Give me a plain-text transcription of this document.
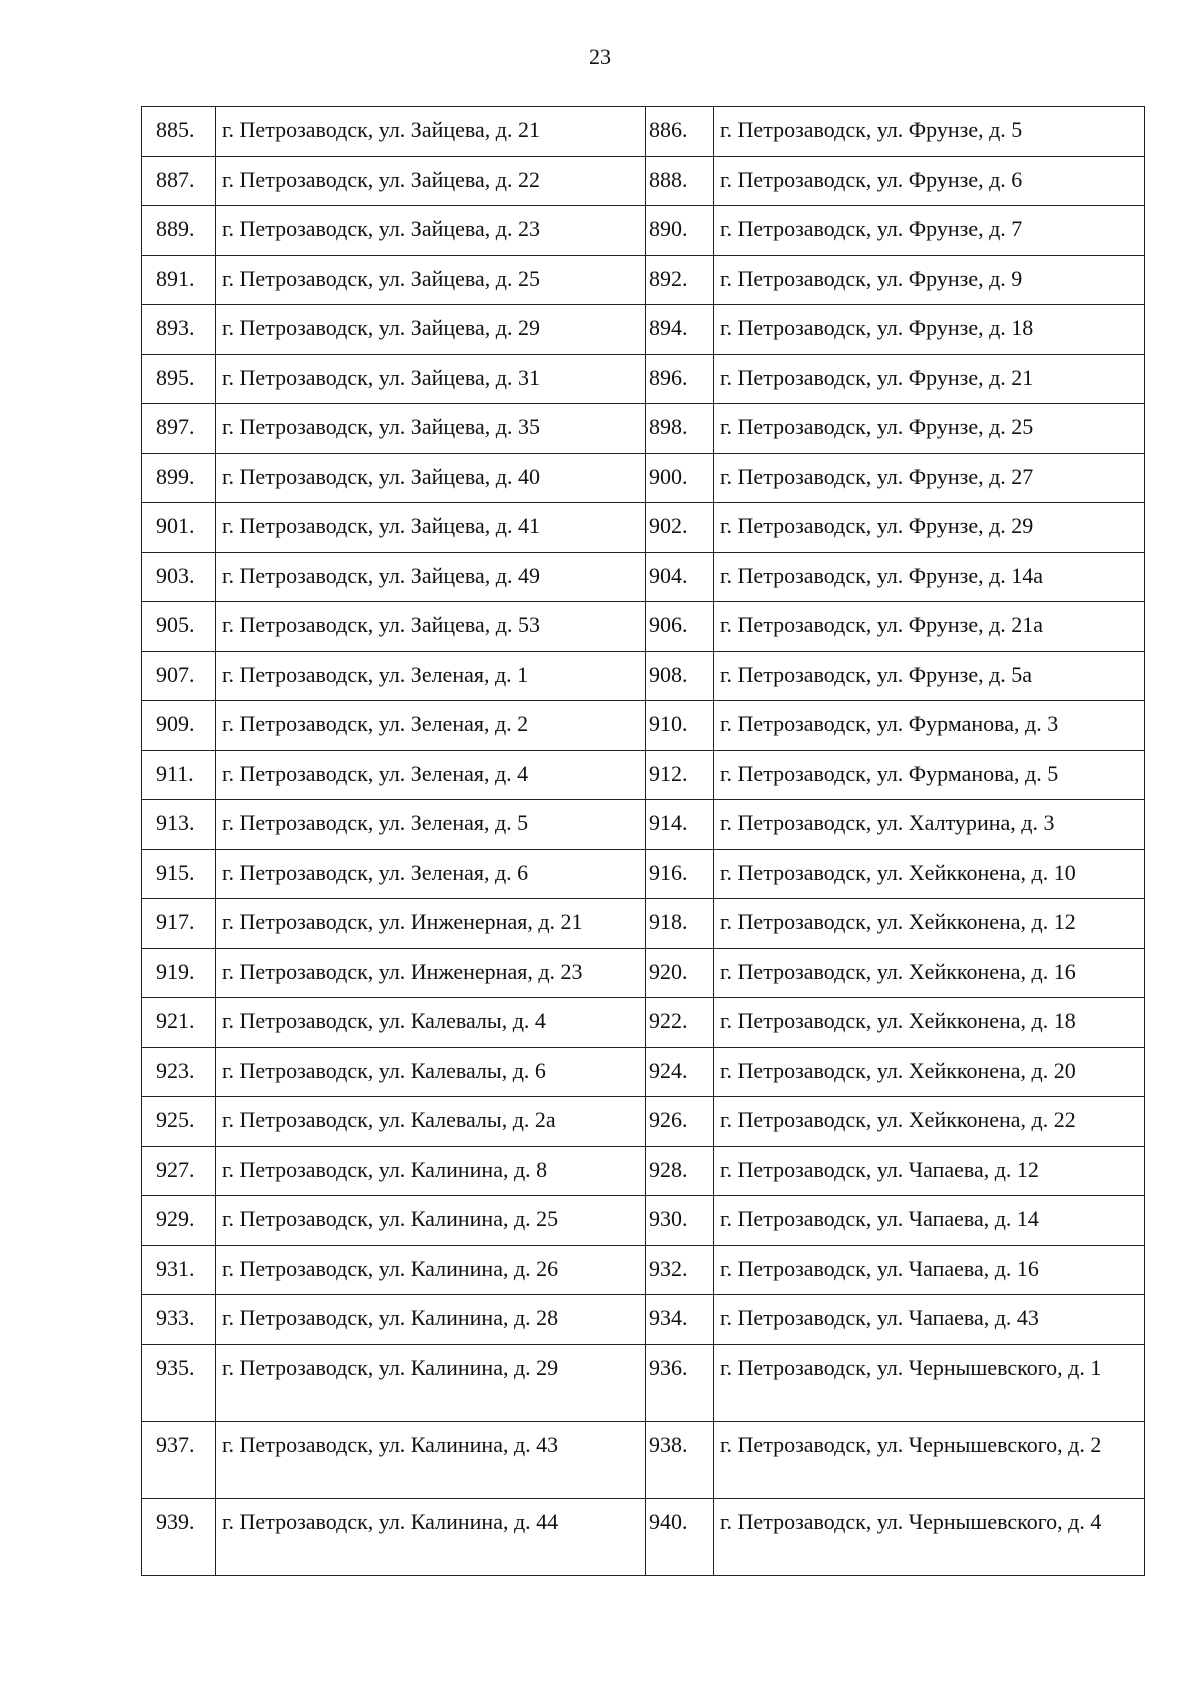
23
885.	г. Петрозаводск, ул. Зайцева, д. 21	886.	г. Петрозаводск, ул. Фрунзе, д. 5
887.	г. Петрозаводск, ул. Зайцева, д. 22	888.	г. Петрозаводск, ул. Фрунзе, д. 6
889.	г. Петрозаводск, ул. Зайцева, д. 23	890.	г. Петрозаводск, ул. Фрунзе, д. 7
891.	г. Петрозаводск, ул. Зайцева, д. 25	892.	г. Петрозаводск, ул. Фрунзе, д. 9
893.	г. Петрозаводск, ул. Зайцева, д. 29	894.	г. Петрозаводск, ул. Фрунзе, д. 18
895.	г. Петрозаводск, ул. Зайцева, д. 31	896.	г. Петрозаводск, ул. Фрунзе, д. 21
897.	г. Петрозаводск, ул. Зайцева, д. 35	898.	г. Петрозаводск, ул. Фрунзе, д. 25
899.	г. Петрозаводск, ул. Зайцева, д. 40	900.	г. Петрозаводск, ул. Фрунзе, д. 27
901.	г. Петрозаводск, ул. Зайцева, д. 41	902.	г. Петрозаводск, ул. Фрунзе, д. 29
903.	г. Петрозаводск, ул. Зайцева, д. 49	904.	г. Петрозаводск, ул. Фрунзе, д. 14а
905.	г. Петрозаводск, ул. Зайцева, д. 53	906.	г. Петрозаводск, ул. Фрунзе, д. 21а
907.	г. Петрозаводск, ул. Зеленая, д. 1	908.	г. Петрозаводск, ул. Фрунзе, д. 5а
909.	г. Петрозаводск, ул. Зеленая, д. 2	910.	г. Петрозаводск, ул. Фурманова, д. 3
911.	г. Петрозаводск, ул. Зеленая, д. 4	912.	г. Петрозаводск, ул. Фурманова, д. 5
913.	г. Петрозаводск, ул. Зеленая, д. 5	914.	г. Петрозаводск, ул. Халтурина, д. 3
915.	г. Петрозаводск, ул. Зеленая, д. 6	916.	г. Петрозаводск, ул. Хейкконена, д. 10
917.	г. Петрозаводск, ул. Инженерная, д. 21	918.	г. Петрозаводск, ул. Хейкконена, д. 12
919.	г. Петрозаводск, ул. Инженерная, д. 23	920.	г. Петрозаводск, ул. Хейкконена, д. 16
921.	г. Петрозаводск, ул. Калевалы, д. 4	922.	г. Петрозаводск, ул. Хейкконена, д. 18
923.	г. Петрозаводск, ул. Калевалы, д. 6	924.	г. Петрозаводск, ул. Хейкконена, д. 20
925.	г. Петрозаводск, ул. Калевалы, д. 2а	926.	г. Петрозаводск, ул. Хейкконена, д. 22
927.	г. Петрозаводск, ул. Калинина, д. 8	928.	г. Петрозаводск, ул. Чапаева, д. 12
929.	г. Петрозаводск, ул. Калинина, д. 25	930.	г. Петрозаводск, ул. Чапаева, д. 14
931.	г. Петрозаводск, ул. Калинина, д. 26	932.	г. Петрозаводск, ул. Чапаева, д. 16
933.	г. Петрозаводск, ул. Калинина, д. 28	934.	г. Петрозаводск, ул. Чапаева, д. 43
935.	г. Петрозаводск, ул. Калинина, д. 29	936.	г. Петрозаводск, ул. Чернышевского, д. 1
937.	г. Петрозаводск, ул. Калинина, д. 43	938.	г. Петрозаводск, ул. Чернышевского, д. 2
939.	г. Петрозаводск, ул. Калинина, д. 44	940.	г. Петрозаводск, ул. Чернышевского, д. 4
